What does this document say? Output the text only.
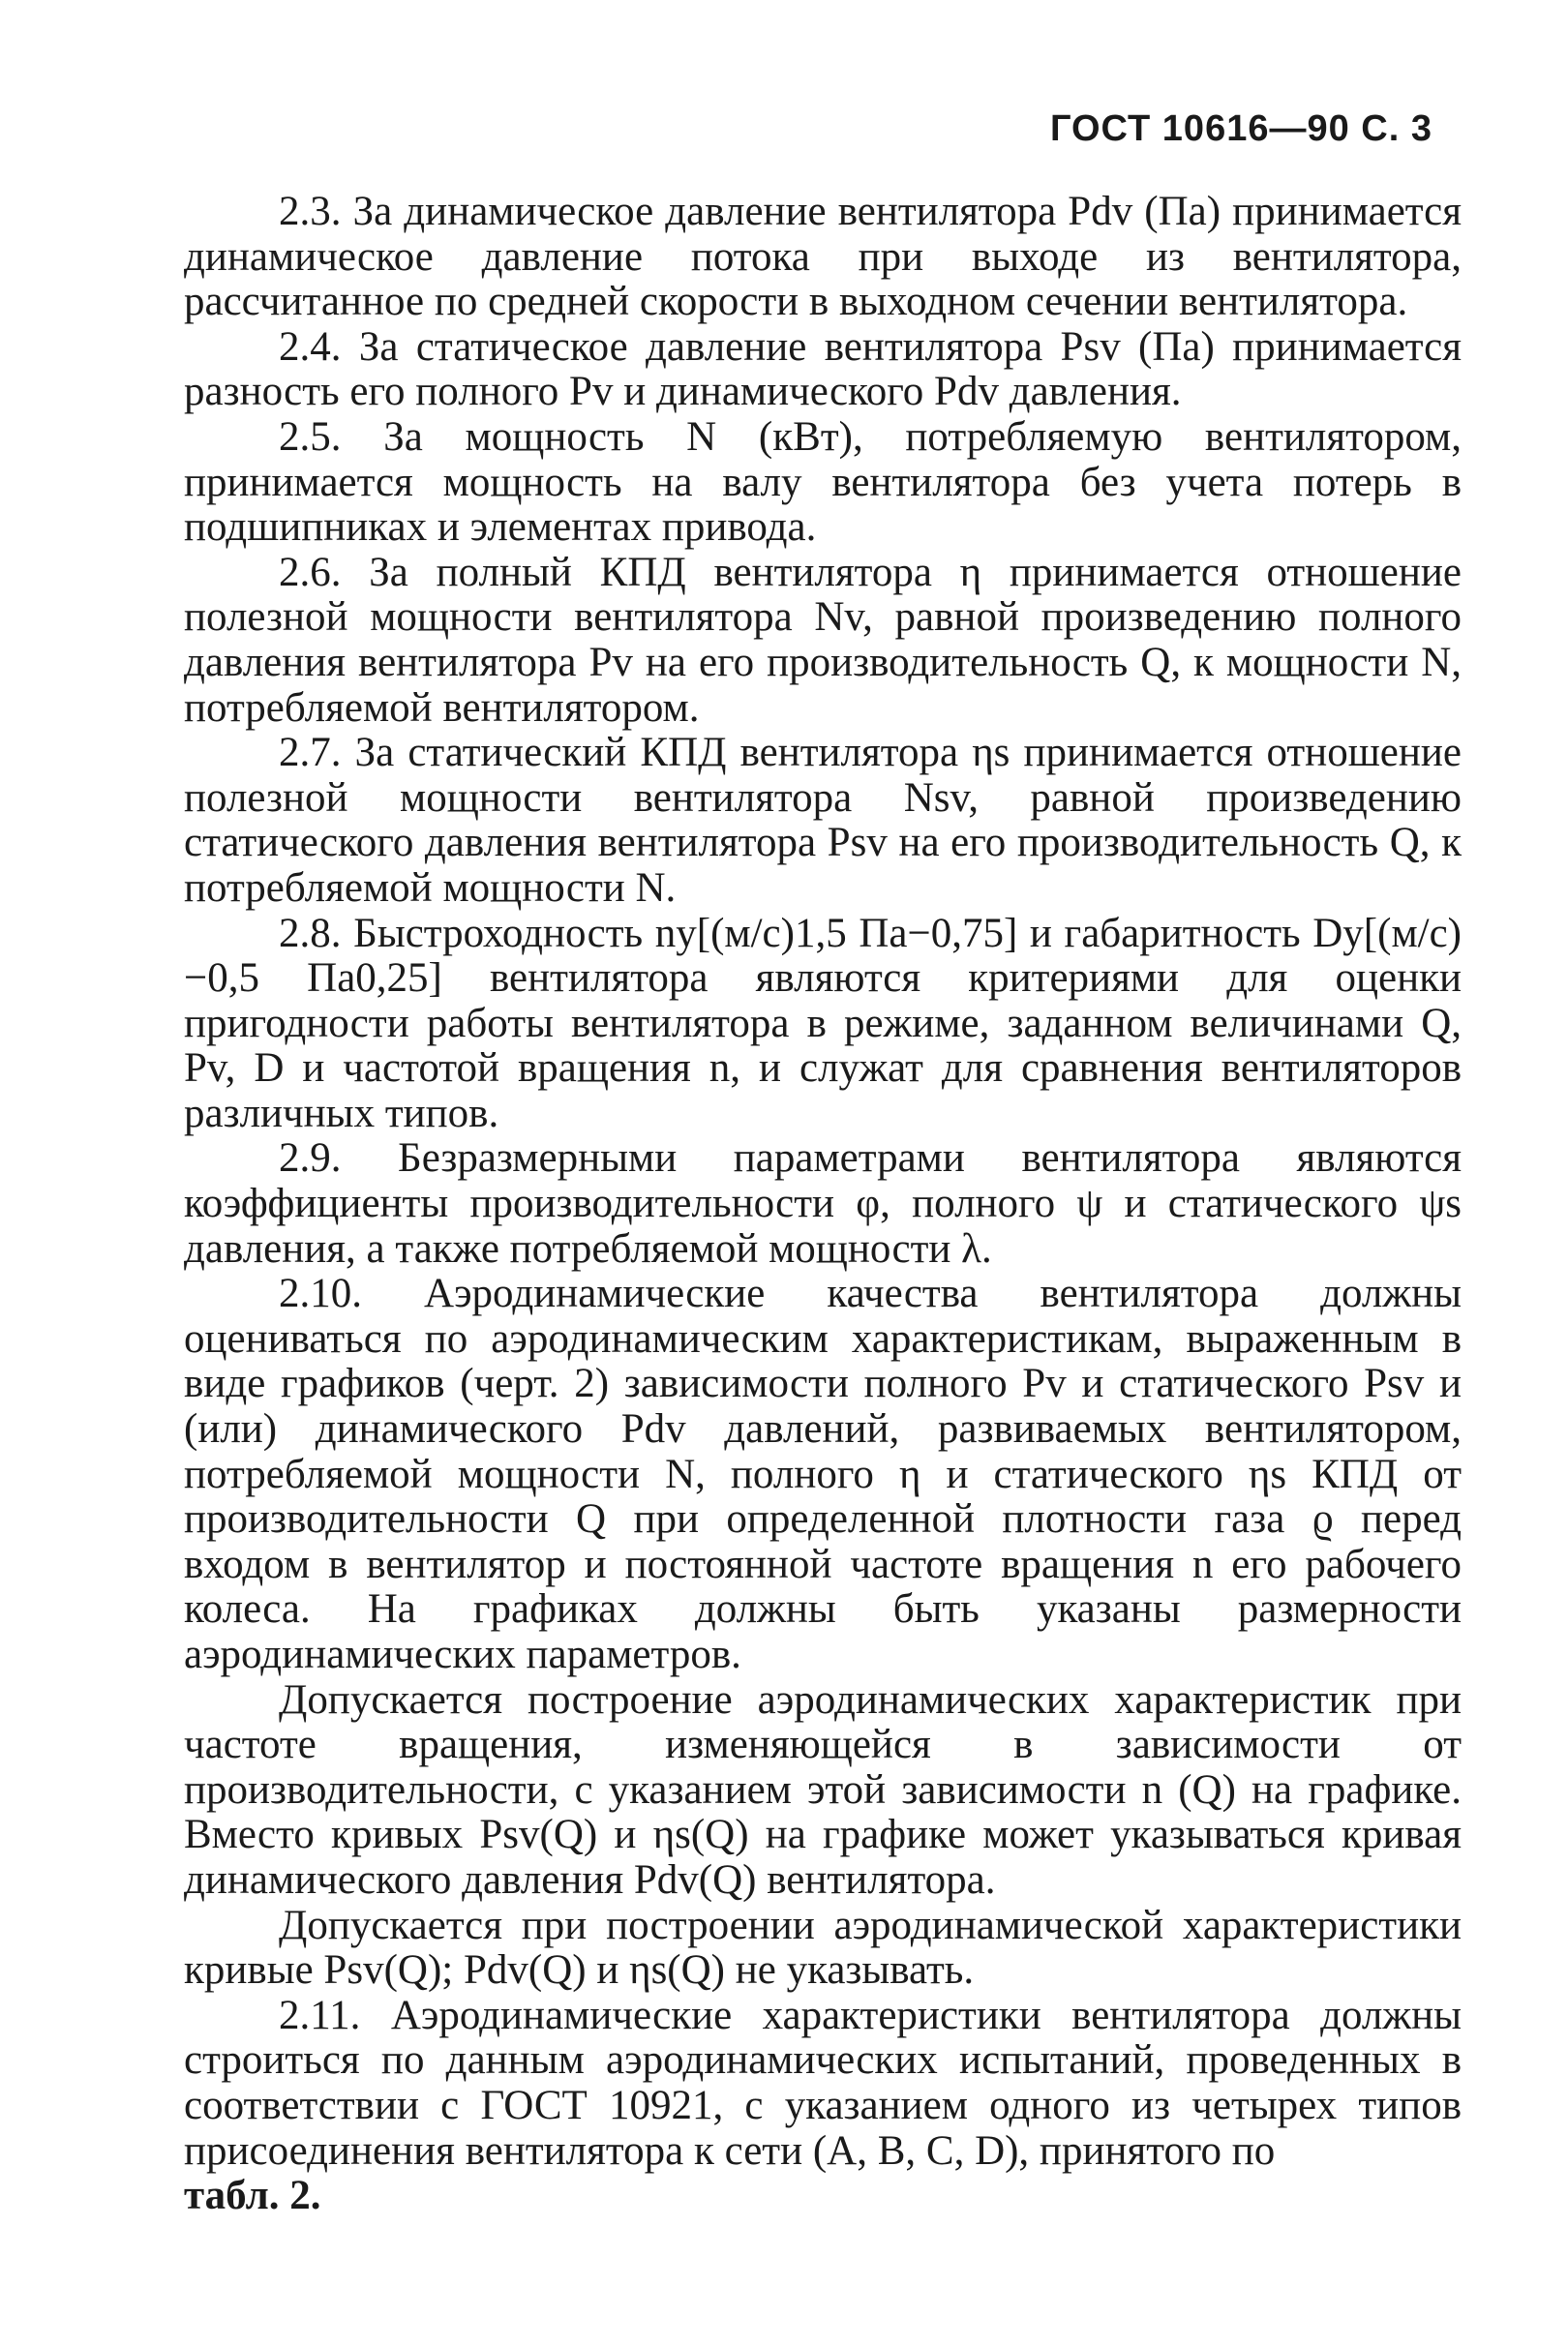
ГОСТ 10616—90 С. 3

2.3. За динамическое давление вентилятора Pdv (Па) принимается динамическое давление потока при выходе из вентилятора, рассчитанное по средней скорости в выходном сечении вентилятора.

2.4. За статическое давление вентилятора Psv (Па) принимается разность его полного Pv и динамического Pdv давления.

2.5. За мощность N (кВт), потребляемую вентилятором, принимается мощность на валу вентилятора без учета потерь в подшипниках и элементах привода.

2.6. За полный КПД вентилятора η принимается отношение полезной мощности вентилятора Nv, равной произведению полного давления вентилятора Pv на его производительность Q, к мощности N, потребляемой вентилятором.

2.7. За статический КПД вентилятора ηs принимается отношение полезной мощности вентилятора Nsv, равной произведению статического давления вентилятора Psv на его производительность Q, к потребляемой мощности N.

2.8. Быстроходность ny[(м/с)1,5 Па−0,75] и габаритность Dy[(м/с)−0,5 Па0,25] вентилятора являются критериями для оценки пригодности работы вентилятора в режиме, заданном величинами Q, Pv, D и частотой вращения n, и служат для сравнения вентиляторов различных типов.

2.9. Безразмерными параметрами вентилятора являются коэффициенты производительности φ, полного ψ и статического ψs давления, а также потребляемой мощности λ.

2.10. Аэродинамические качества вентилятора должны оцениваться по аэродинамическим характеристикам, выраженным в виде графиков (черт. 2) зависимости полного Pv и статического Psv и (или) динамического Pdv давлений, развиваемых вентилятором, потребляемой мощности N, полного η и статического ηs КПД от производительности Q при определенной плотности газа ϱ перед входом в вентилятор и постоянной частоте вращения n его рабочего колеса. На графиках должны быть указаны размерности аэродинамических параметров.

Допускается построение аэродинамических характеристик при частоте вращения, изменяющейся в зависимости от производительности, с указанием этой зависимости n (Q) на графике. Вместо кривых Psv(Q) и ηs(Q) на графике может указываться кривая динамического давления Pdv(Q) вентилятора.

Допускается при построении аэродинамической характеристики кривые Psv(Q); Pdv(Q) и ηs(Q) не указывать.

2.11. Аэродинамические характеристики вентилятора должны строиться по данным аэродинамических испытаний, проведенных в соответствии с ГОСТ 10921, с указанием одного из четырех типов присоединения вентилятора к сети (А, В, С, D), принятого по

табл. 2.
